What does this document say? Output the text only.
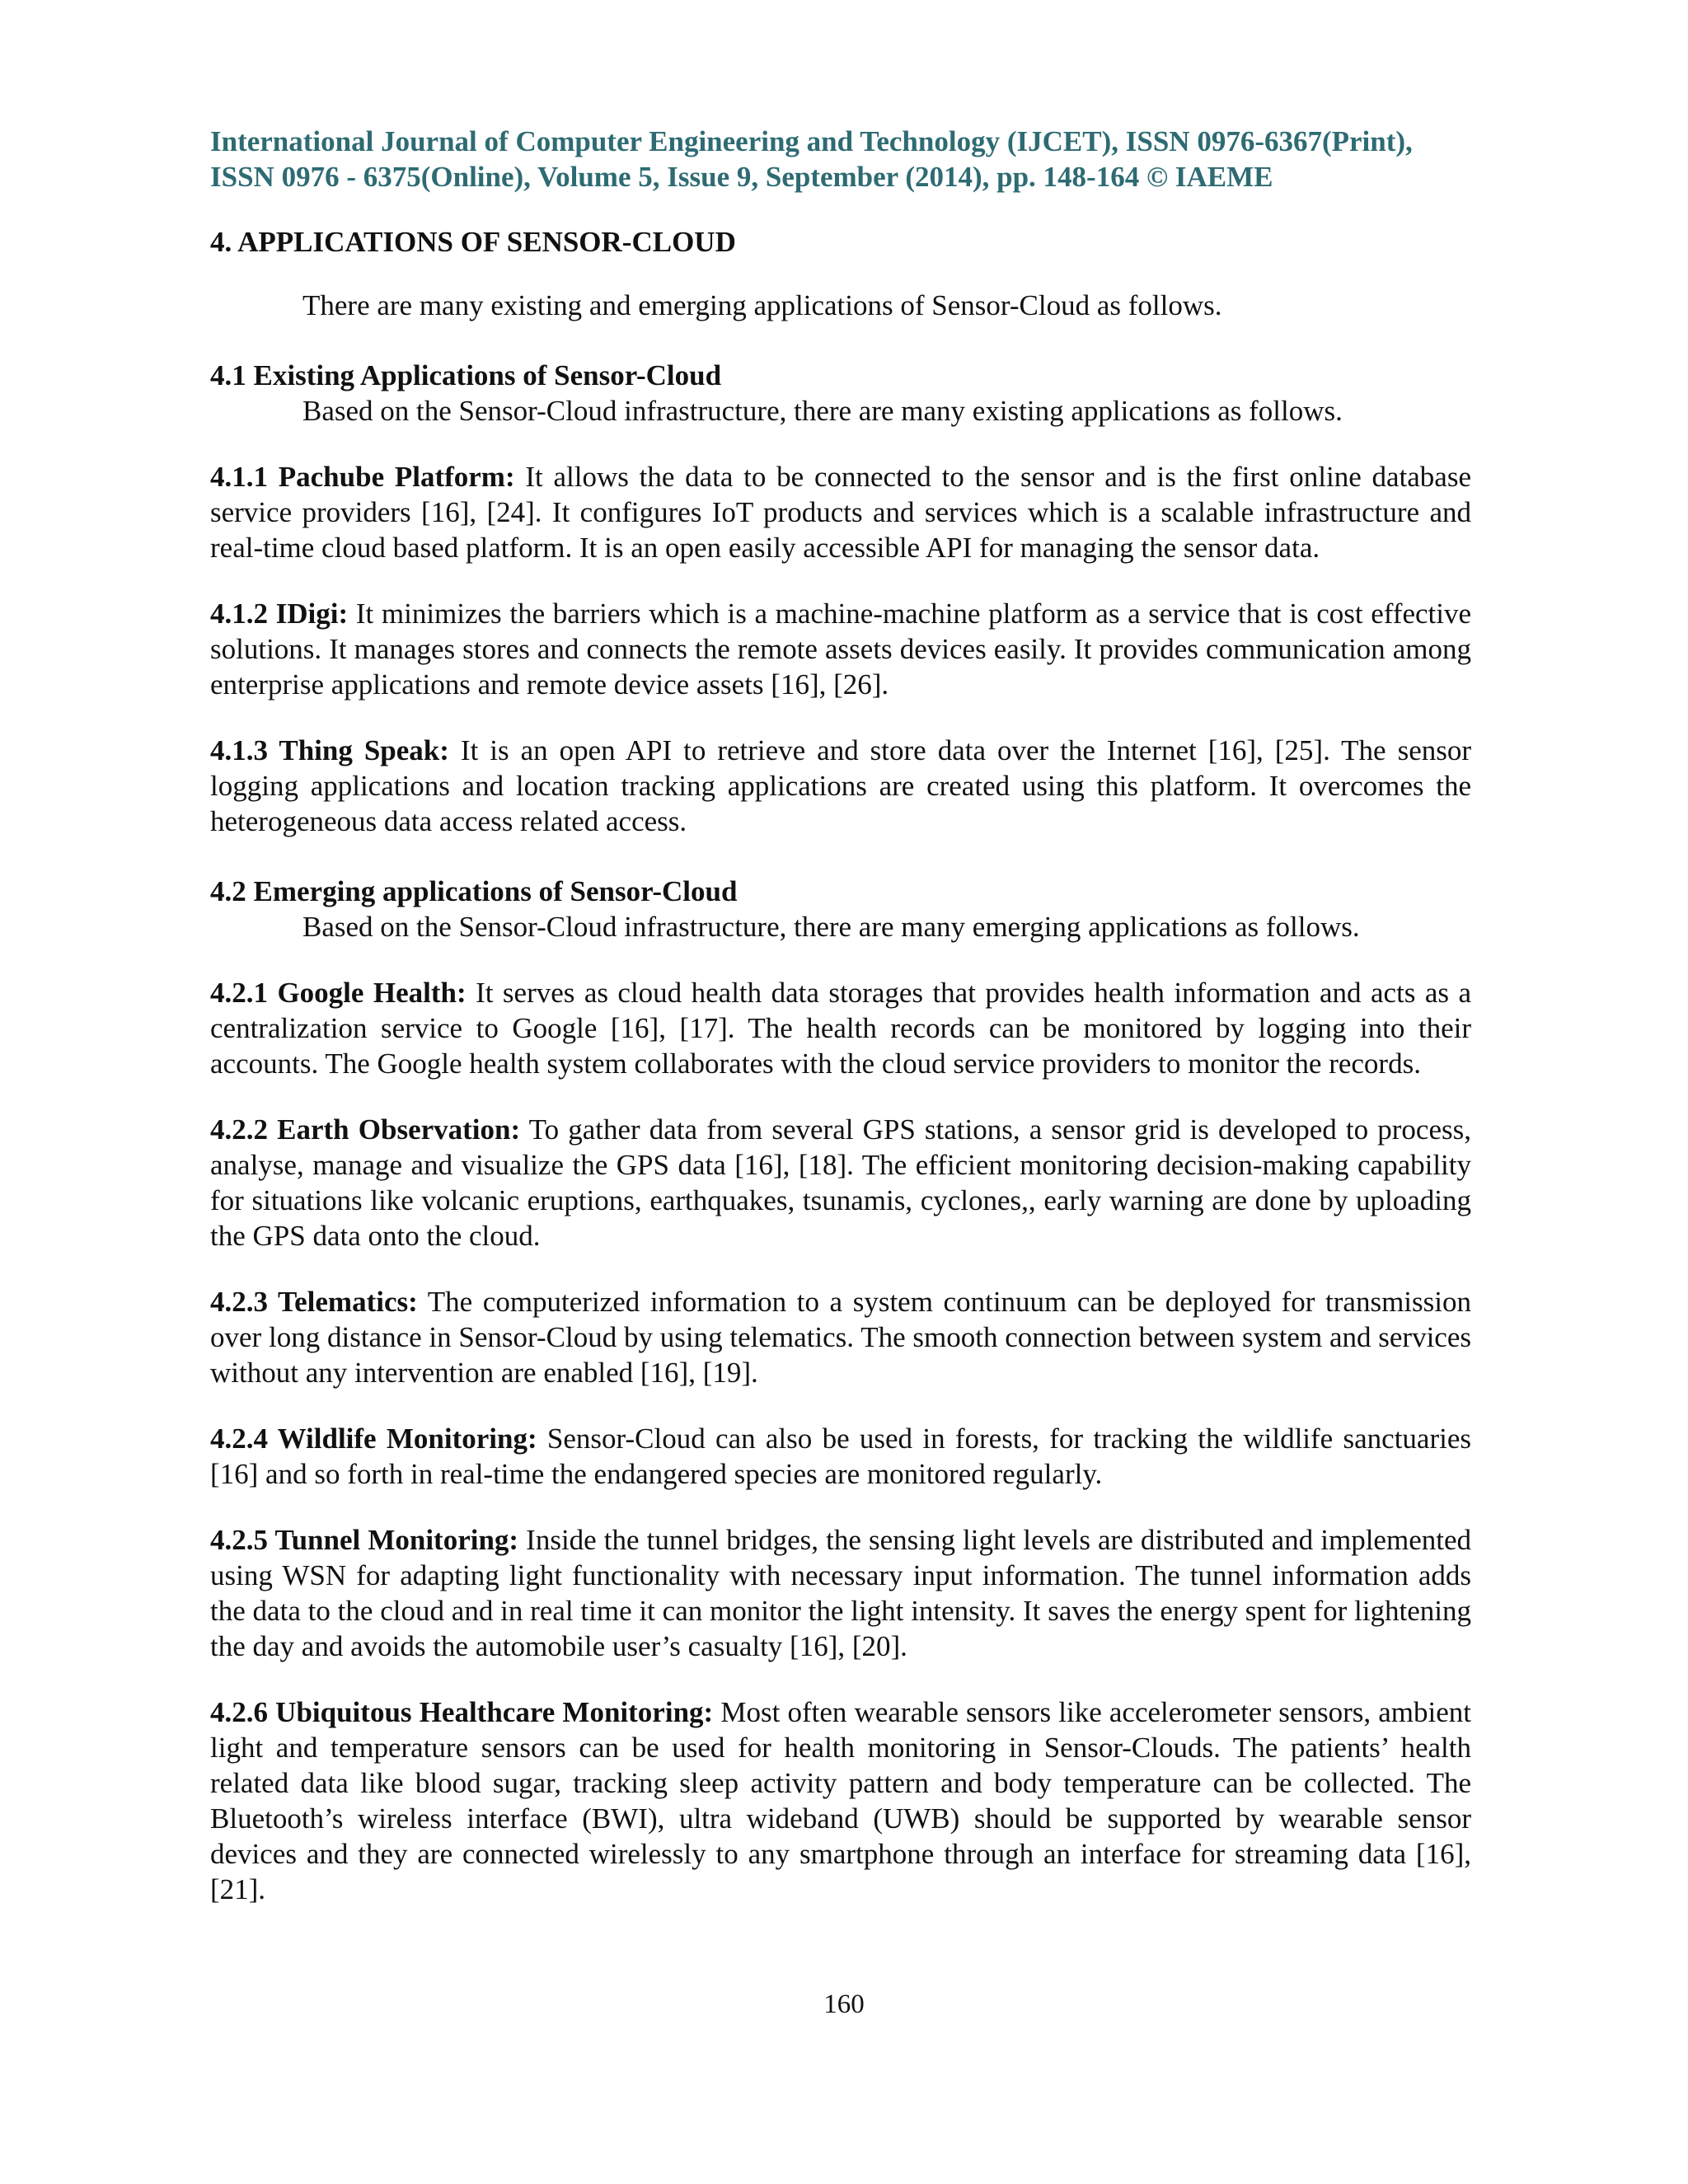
International Journal of Computer Engineering and Technology (IJCET), ISSN 0976-6367(Print),

ISSN 0976 - 6375(Online), Volume 5, Issue 9, September (2014), pp. 148-164 © IAEME

4. APPLICATIONS OF SENSOR-CLOUD

There are many existing and emerging applications of Sensor-Cloud as follows.

4.1 Existing Applications of Sensor-Cloud

Based on the Sensor-Cloud infrastructure, there are many existing applications as follows.

4.1.1 Pachube Platform: It allows the data to be connected to the sensor and is the first online database service providers [16], [24]. It configures IoT products and services which is a scalable infrastructure and real-time cloud based platform. It is an open easily accessible API for managing the sensor data.

4.1.2 IDigi: It minimizes the barriers which is a machine-machine platform as a service that is cost effective solutions. It manages stores and connects the remote assets devices easily. It provides communication among enterprise applications and remote device assets [16], [26].

4.1.3 Thing Speak: It is an open API to retrieve and store data over the Internet [16], [25]. The sensor logging applications and location tracking applications are created using this platform. It overcomes the heterogeneous data access related access.

4.2 Emerging applications of Sensor-Cloud

Based on the Sensor-Cloud infrastructure, there are many emerging applications as follows.

4.2.1 Google Health: It serves as cloud health data storages that provides health information and acts as a centralization service to Google [16], [17]. The health records can be monitored by logging into their accounts. The Google health system collaborates with the cloud service providers to monitor the records.

4.2.2 Earth Observation: To gather data from several GPS stations, a sensor grid is developed to process, analyse, manage and visualize the GPS data [16], [18]. The efficient monitoring decision-making capability for situations like volcanic eruptions, earthquakes, tsunamis, cyclones,, early warning are done by uploading the GPS data onto the cloud.

4.2.3 Telematics: The computerized information to a system continuum can be deployed for transmission over long distance in Sensor-Cloud by using telematics. The smooth connection between system and services without any intervention are enabled [16], [19].

4.2.4 Wildlife Monitoring: Sensor-Cloud can also be used in forests, for tracking the wildlife sanctuaries [16] and so forth in real-time the endangered species are monitored regularly.

4.2.5 Tunnel Monitoring: Inside the tunnel bridges, the sensing light levels are distributed and implemented using WSN for adapting light functionality with necessary input information. The tunnel information adds the data to the cloud and in real time it can monitor the light intensity. It saves the energy spent for lightening the day and avoids the automobile user’s casualty [16], [20].

4.2.6 Ubiquitous Healthcare Monitoring: Most often wearable sensors like accelerometer sensors, ambient light and temperature sensors can be used for health monitoring in Sensor-Clouds. The patients’ health related data like blood sugar, tracking sleep activity pattern and body temperature can be collected. The Bluetooth’s wireless interface (BWI), ultra wideband (UWB) should be supported by wearable sensor devices and they are connected wirelessly to any smartphone through an interface for streaming data [16], [21].

160
